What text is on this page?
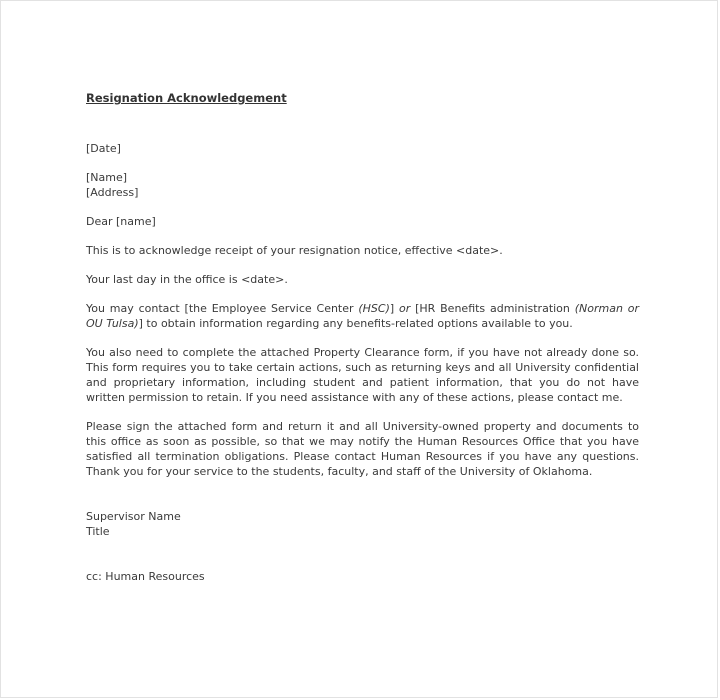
Resignation Acknowledgement
[Date]
[Name]
[Address]
Dear [name]
This is to acknowledge receipt of your resignation notice, effective <date>.
Your last day in the office is <date>.
You may contact [the Employee Service Center (HSC)] or [HR Benefits administration (Norman or OU Tulsa)] to obtain information regarding any benefits-related options available to you.
You also need to complete the attached Property Clearance form, if you have not already done so. This form requires you to take certain actions, such as returning keys and all University confidential and proprietary information, including student and patient information, that you do not have written permission to retain. If you need assistance with any of these actions, please contact me.
Please sign the attached form and return it and all University-owned property and documents to this office as soon as possible, so that we may notify the Human Resources Office that you have satisfied all termination obligations. Please contact Human Resources if you have any questions. Thank you for your service to the students, faculty, and staff of the University of Oklahoma.
Supervisor Name
Title
cc: Human Resources
